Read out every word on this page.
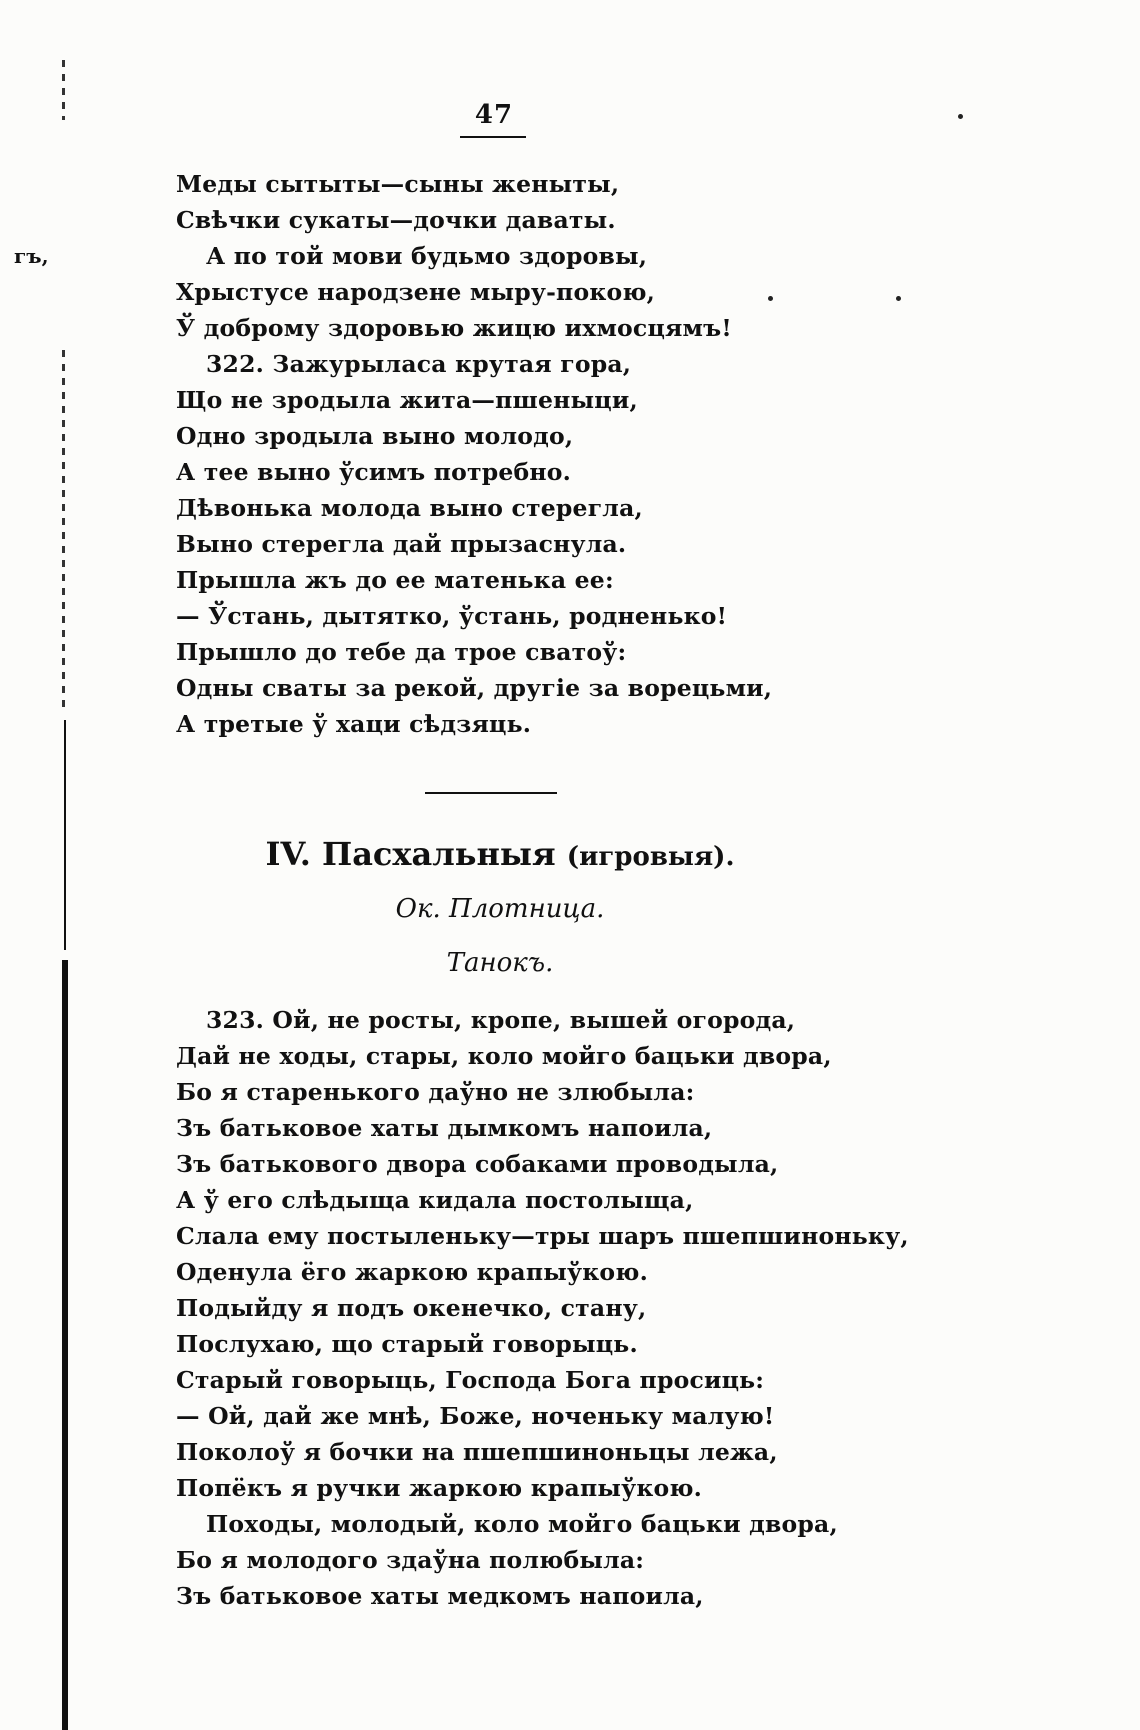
47
гъ,
Меды сытыты—сыны женыты,
Свѣчки сукаты—дочки даваты.
А по той мови будьмо здоровы,
Хрыстусе народзене мыру-покою,
Ў доброму здоровью жицю ихмосцямъ!
322. Зажурылаcа крутая гора,
Що не зродыла жита—пшеныци,
Одно зродыла выно молодо,
А тее выно ўсимъ потребно.
Дѣвонька молода выно стерегла,
Выно стерегла дай прызаснула.
Прышла жъ до ее матенька ее:
— Ўстань, дытятко, ўстань, родненько!
Прышло до тебе да трое сватоў:
Одны сваты за рекой, другіе за ворецьми,
А третые ў хаци сѣдзяць.
IV. Пасхальныя (игровыя).
Ок. Плотница.
Танокъ.
323. Ой, не росты, кропе, вышей огорода,
Дай не ходы, стары, коло мойго бацьки двора,
Бо я старенького даўно не злюбыла:
Зъ батьковое хаты дымкомъ напоила,
Зъ батькового двора собаками проводыла,
А ў его слѣдыща кидала постолыща,
Слала ему постыленьку—тры шаръ пшепшиноньку,
Оденула ёго жаркою крапыўкою.
Подыйду я подъ окенечко, стану,
Послухаю, що старый говорыць.
Старый говорыць, Господа Бога просиць:
— Ой, дай же мнѣ, Боже, ноченьку малую!
Поколоў я бочки на пшепшиноньцы лежа,
Попёкъ я ручки жаркою крапыўкою.
Походы, молодый, коло мойго бацьки двора,
Бо я молодого здаўна полюбыла:
Зъ батьковое хаты медкомъ напоила,
